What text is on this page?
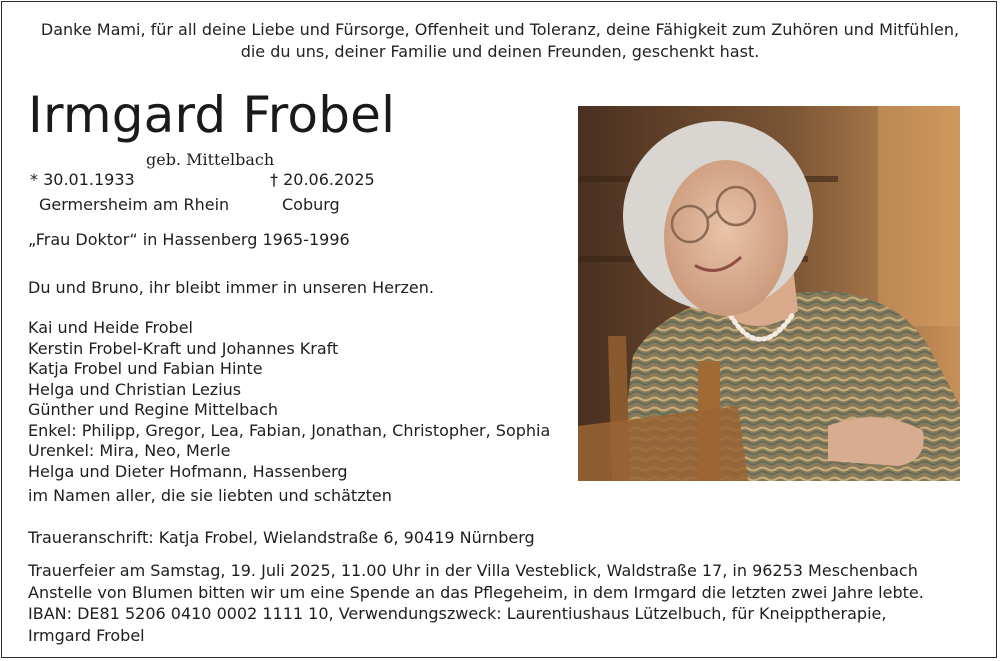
Danke Mami, für all deine Liebe und Fürsorge, Offenheit und Toleranz, deine Fähigkeit zum Zuhören und Mitfühlen,
die du uns, deiner Familie und deinen Freunden, geschenkt hast.
Irmgard Frobel
geb. Mittelbach
* 30.01.1933	† 20.06.2025
Germersheim am Rhein	Coburg
„Frau Doktor“ in Hassenberg 1965-1996
Du und Bruno, ihr bleibt immer in unseren Herzen.
Kai und Heide Frobel
Kerstin Frobel-Kraft und Johannes Kraft
Katja Frobel und Fabian Hinte
Helga und Christian Lezius
Günther und Regine Mittelbach
Enkel: Philipp, Gregor, Lea, Fabian, Jonathan, Christopher, Sophia
Urenkel: Mira, Neo, Merle
Helga und Dieter Hofmann, Hassenberg
im Namen aller, die sie liebten und schätzten
Traueranschrift: Katja Frobel, Wielandstraße 6, 90419 Nürnberg
Trauerfeier am Samstag, 19. Juli 2025, 11.00 Uhr in der Villa Vesteblick, Waldstraße 17, in 96253 Meschenbach
Anstelle von Blumen bitten wir um eine Spende an das Pflegeheim, in dem Irmgard die letzten zwei Jahre lebte.
IBAN: DE81 5206 0410 0002 1111 10, Verwendungszweck: Laurentiushaus Lützelbuch, für Kneipptherapie,
Irmgard Frobel
